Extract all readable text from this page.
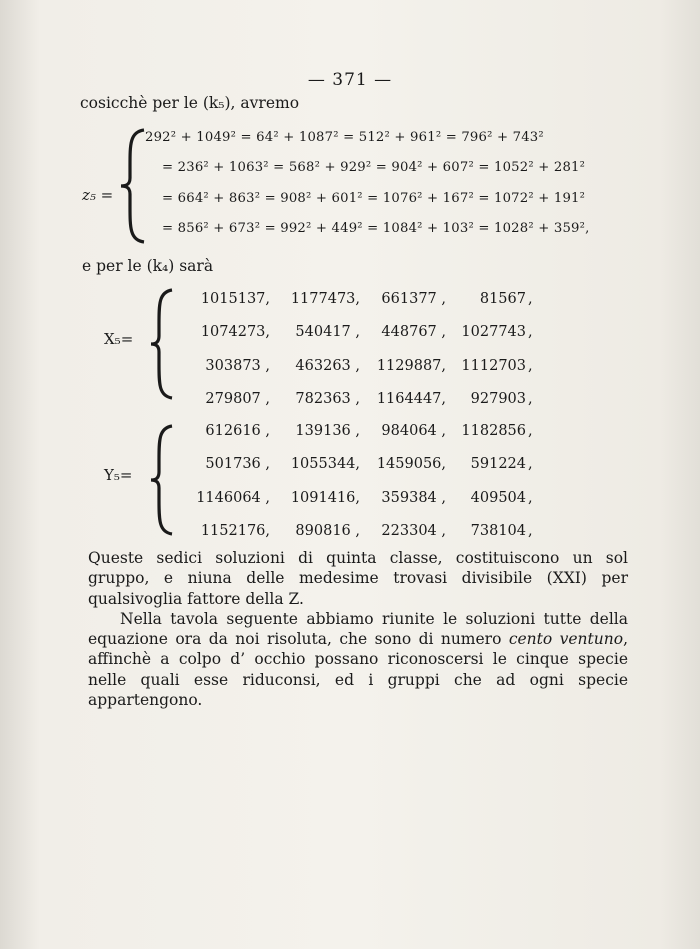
— 371 —
cosicchè per le (k₅), avremo
z₅ =
292² + 1049² = 64² + 1087² = 512² + 961² = 796² + 743²
= 236² + 1063² = 568² + 929² = 904² + 607² = 1052² + 281²
= 664² + 863² = 908² + 601² = 1076² + 167² = 1072² + 191²
= 856² + 673² = 992² + 449² = 1084² + 103² = 1028² + 359²,
e per le (k₄) sarà
X₅=
1015137,	1177473,	661377 ,	81567	,
1074273,	540417 ,	448767 ,	1027743	,
303873 ,	463263 ,	1129887,	1112703	,
279807 ,	782363 ,	1164447,	927903	,
Y₅=
612616 ,	139136 ,	984064 ,	1182856	,
501736 ,	1055344,	1459056,	591224	,
1146064 ,	1091416,	359384 ,	409504	,
1152176,	890816 ,	223304 ,	738104	,

Queste sedici soluzioni di quinta classe, costituiscono un sol gruppo, e niuna delle medesime trovasi divisibile (XXI) per qualsivoglia fattore della Z.

Nella tavola seguente abbiamo riunite le soluzioni tutte della equazione ora da noi risoluta, che sono di numero cento ventuno, affinchè a colpo d’ occhio possano riconoscersi le cinque specie nelle quali esse riduconsi, ed i gruppi che ad ogni specie appartengono.
